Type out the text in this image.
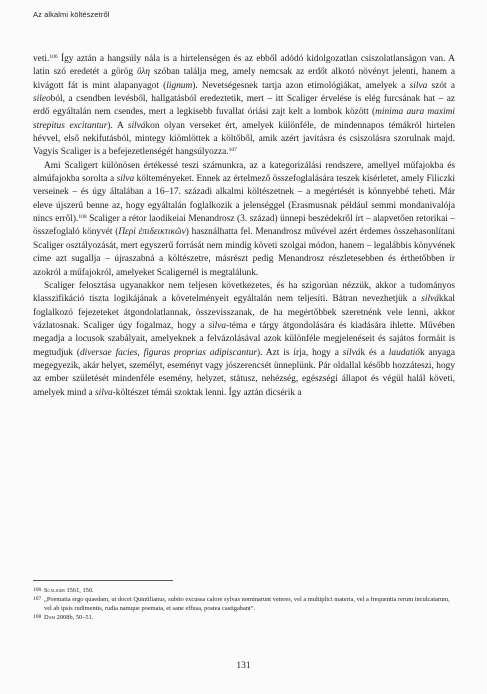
Az alkalmi költészetről

veti.$^{106}$ Így aztán a hangsúly nála is a hirtelenségen és az ebből adódó kidolgozatlan csiszolatlanságon van. A latin szó eredetét a görög ὕλη szóban találja meg, amely nemcsak az erdőt alkotó növényt jelenti, hanem a kivágott fát is mint alapanyagot (lignum). Nevetségesnek tartja azon etimológiákat, amelyek a silva szót a sileoból, a csendben levésből, hallgatásból eredeztetik, mert – itt Scaliger érvelése is elég furcsának hat – az erdő egyáltalán nem csendes, mert a legkisebb fuvallat óriási zajt kelt a lombok között (minima aura maximi strepitus excitantur). A silvákon olyan verseket ért, amelyek különféle, de mindennapos témákról hirtelen hévvel, első nekifutásból, mintegy kiömlöttek a költőből, amik azért javításra és csiszolásra szorulnak majd. Vagyis Scaliger is a befejezetlenségét hangsúlyozza.$^{107}$

Ami Scaligert különösen értékessé teszi számunkra, az a kategorizálási rendszere, amellyel műfajokba és almúfajokba sorolta a silva költeményeket. Ennek az értelmező összefoglalására teszek kísérletet, amely Filiczki verseinek – és úgy általában a 16–17. századi alkalmi költészetnek – a megértését is könnyebbé teheti. Már eleve újszerű benne az, hogy egyáltalán foglalkozik a jelenséggel (Erasmusnak például semmi mondanivalója nincs erről).$^{108}$ Scaliger a rétor laodikeiai Menandrosz (3. század) ünnepi beszédekről írt – alapvetően retorikai – összefoglaló könyvét (Περὶ ἐπιδεικτικῶν) használhatta fel. Menandrosz művével azért érdemes összehasonlítani Scaliger osztályozását, mert egyszerű forrását nem mindig követi szolgai módon, hanem – legalábbis könyvének címe azt sugallja – újraszabná a költészetre, másrészt pedig Menandrosz részletesebben és érthetőbben ír azokról a műfajokról, amelyeket Scaligernél is megtalálunk.

Scaliger felosztása ugyanakkor nem teljesen következetes, és ha szigorúan nézzük, akkor a tudományos klasszifikáció tiszta logikájának a követelményeit egyáltalán nem teljesíti. Bátran nevezhetjük a silvákkal foglalkozó fejezeteket átgondolatlannak, összevisszanak, de ha megértőbbek szeretnénk vele lenni, akkor vázlatosnak. Scaliger úgy fogalmaz, hogy a silva-téma e tárgy átgondolására és kiadására ihlette. Művében megadja a locusok szabályait, amelyeknek a felvázolásával azok különféle megjelenéseit és sajátos formáit is megtudjuk (diversae facies, figuras proprias adipiscantur). Azt is írja, hogy a silvák és a laudatiók anyaga megegyezik, akár helyet, személyt, eseményt vagy jószerencsét ünneplünk. Pár oldallal később hozzáteszi, hogy az ember születését mindenféle esemény, helyzet, státusz, nehézség, egészségi állapot és végül halál követi, amelyek mind a silva-költészet témái szoktak lenni. Így aztán dicsérik a

106 Scaliger 1561, 150.
107 „Poematia ergo quaedam, ut docet Quintilianus, subito excussa calore sylvas nominarunt veteres, vel a multiplici materia, vel a frequentia rerum inculcatarum, vel ab ipsis rudimentis, rudia namque poemata, et sane effusa, postea castigabant”.
108 Dam 2008b, 50–51.
131
